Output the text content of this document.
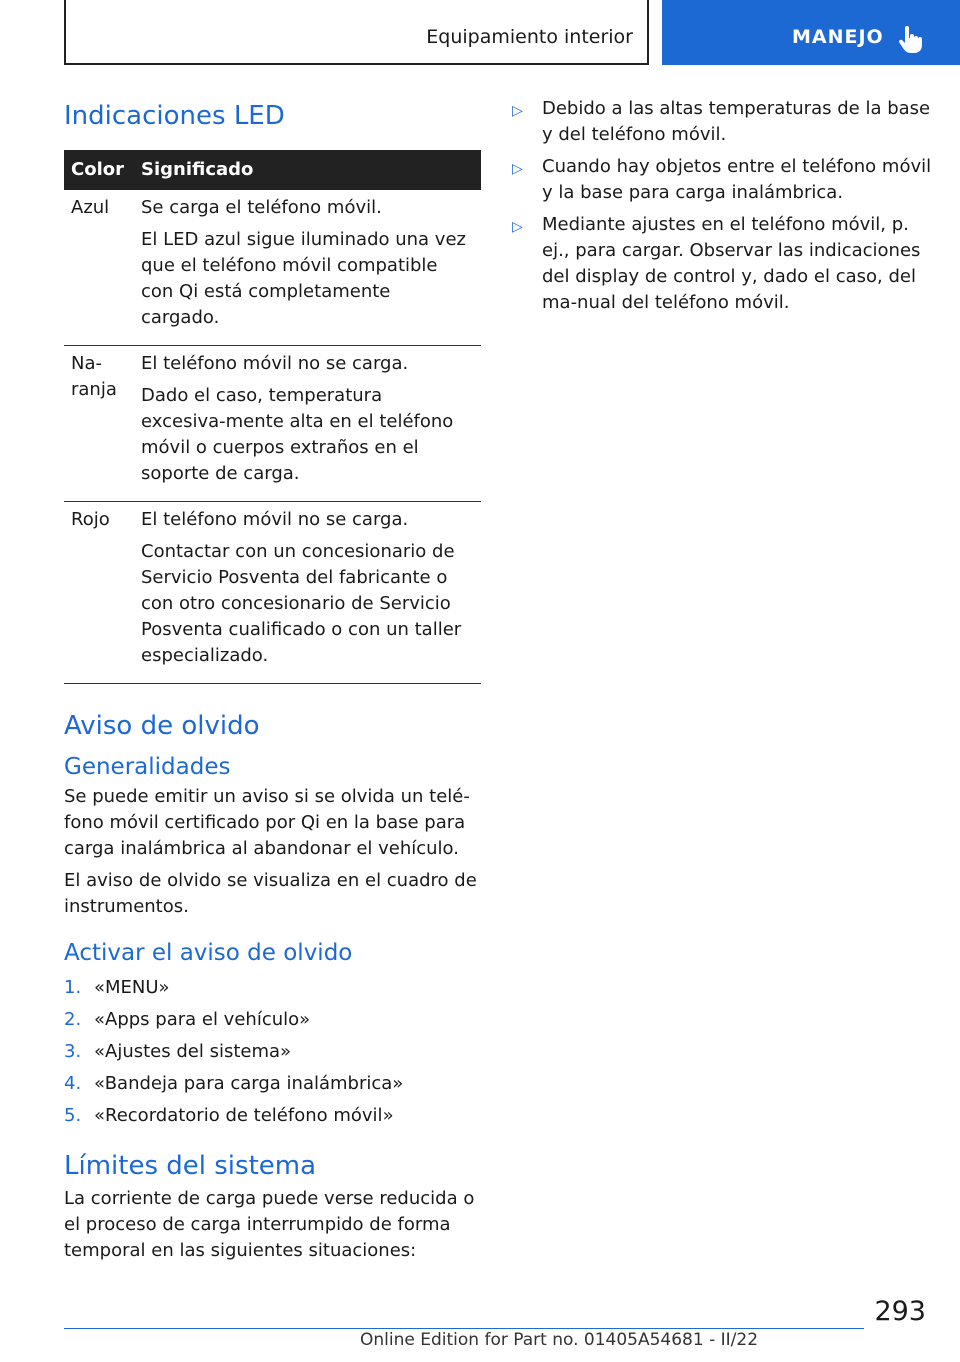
Equipamiento interior	MANEJO
Indicaciones LED
Color	Significado
Azul	Se carga el teléfono móvil.

El LED azul sigue iluminado una vez que el teléfono móvil compatible con Qi está completamente cargado.

Na-ranja	El teléfono móvil no se carga.

Dado el caso, temperatura excesiva-mente alta en el teléfono móvil o cuerpos extraños en el soporte de carga.

Rojo	El teléfono móvil no se carga.

Contactar con un concesionario de Servicio Posventa del fabricante o con otro concesionario de Servicio Posventa cualificado o con un taller especializado.

Aviso de olvido
Generalidades

Se puede emitir un aviso si se olvida un telé-fono móvil certificado por Qi en la base para carga inalámbrica al abandonar el vehículo.

El aviso de olvido se visualiza en el cuadro de instrumentos.

Activar el aviso de olvido
1. «MENU»
2. «Apps para el vehículo»
3. «Ajustes del sistema»
4. «Bandeja para carga inalámbrica»
5. «Recordatorio de teléfono móvil»
Límites del sistema

La corriente de carga puede verse reducida o el proceso de carga interrumpido de forma temporal en las siguientes situaciones:

▷	Debido a las altas temperaturas de la base y del teléfono móvil.
▷	Cuando hay objetos entre el teléfono móvil y la base para carga inalámbrica.
▷	Mediante ajustes en el teléfono móvil, p. ej., para cargar. Observar las indicaciones del display de control y, dado el caso, del ma-nual del teléfono móvil.
293
Online Edition for Part no. 01405A54681 - II/22
